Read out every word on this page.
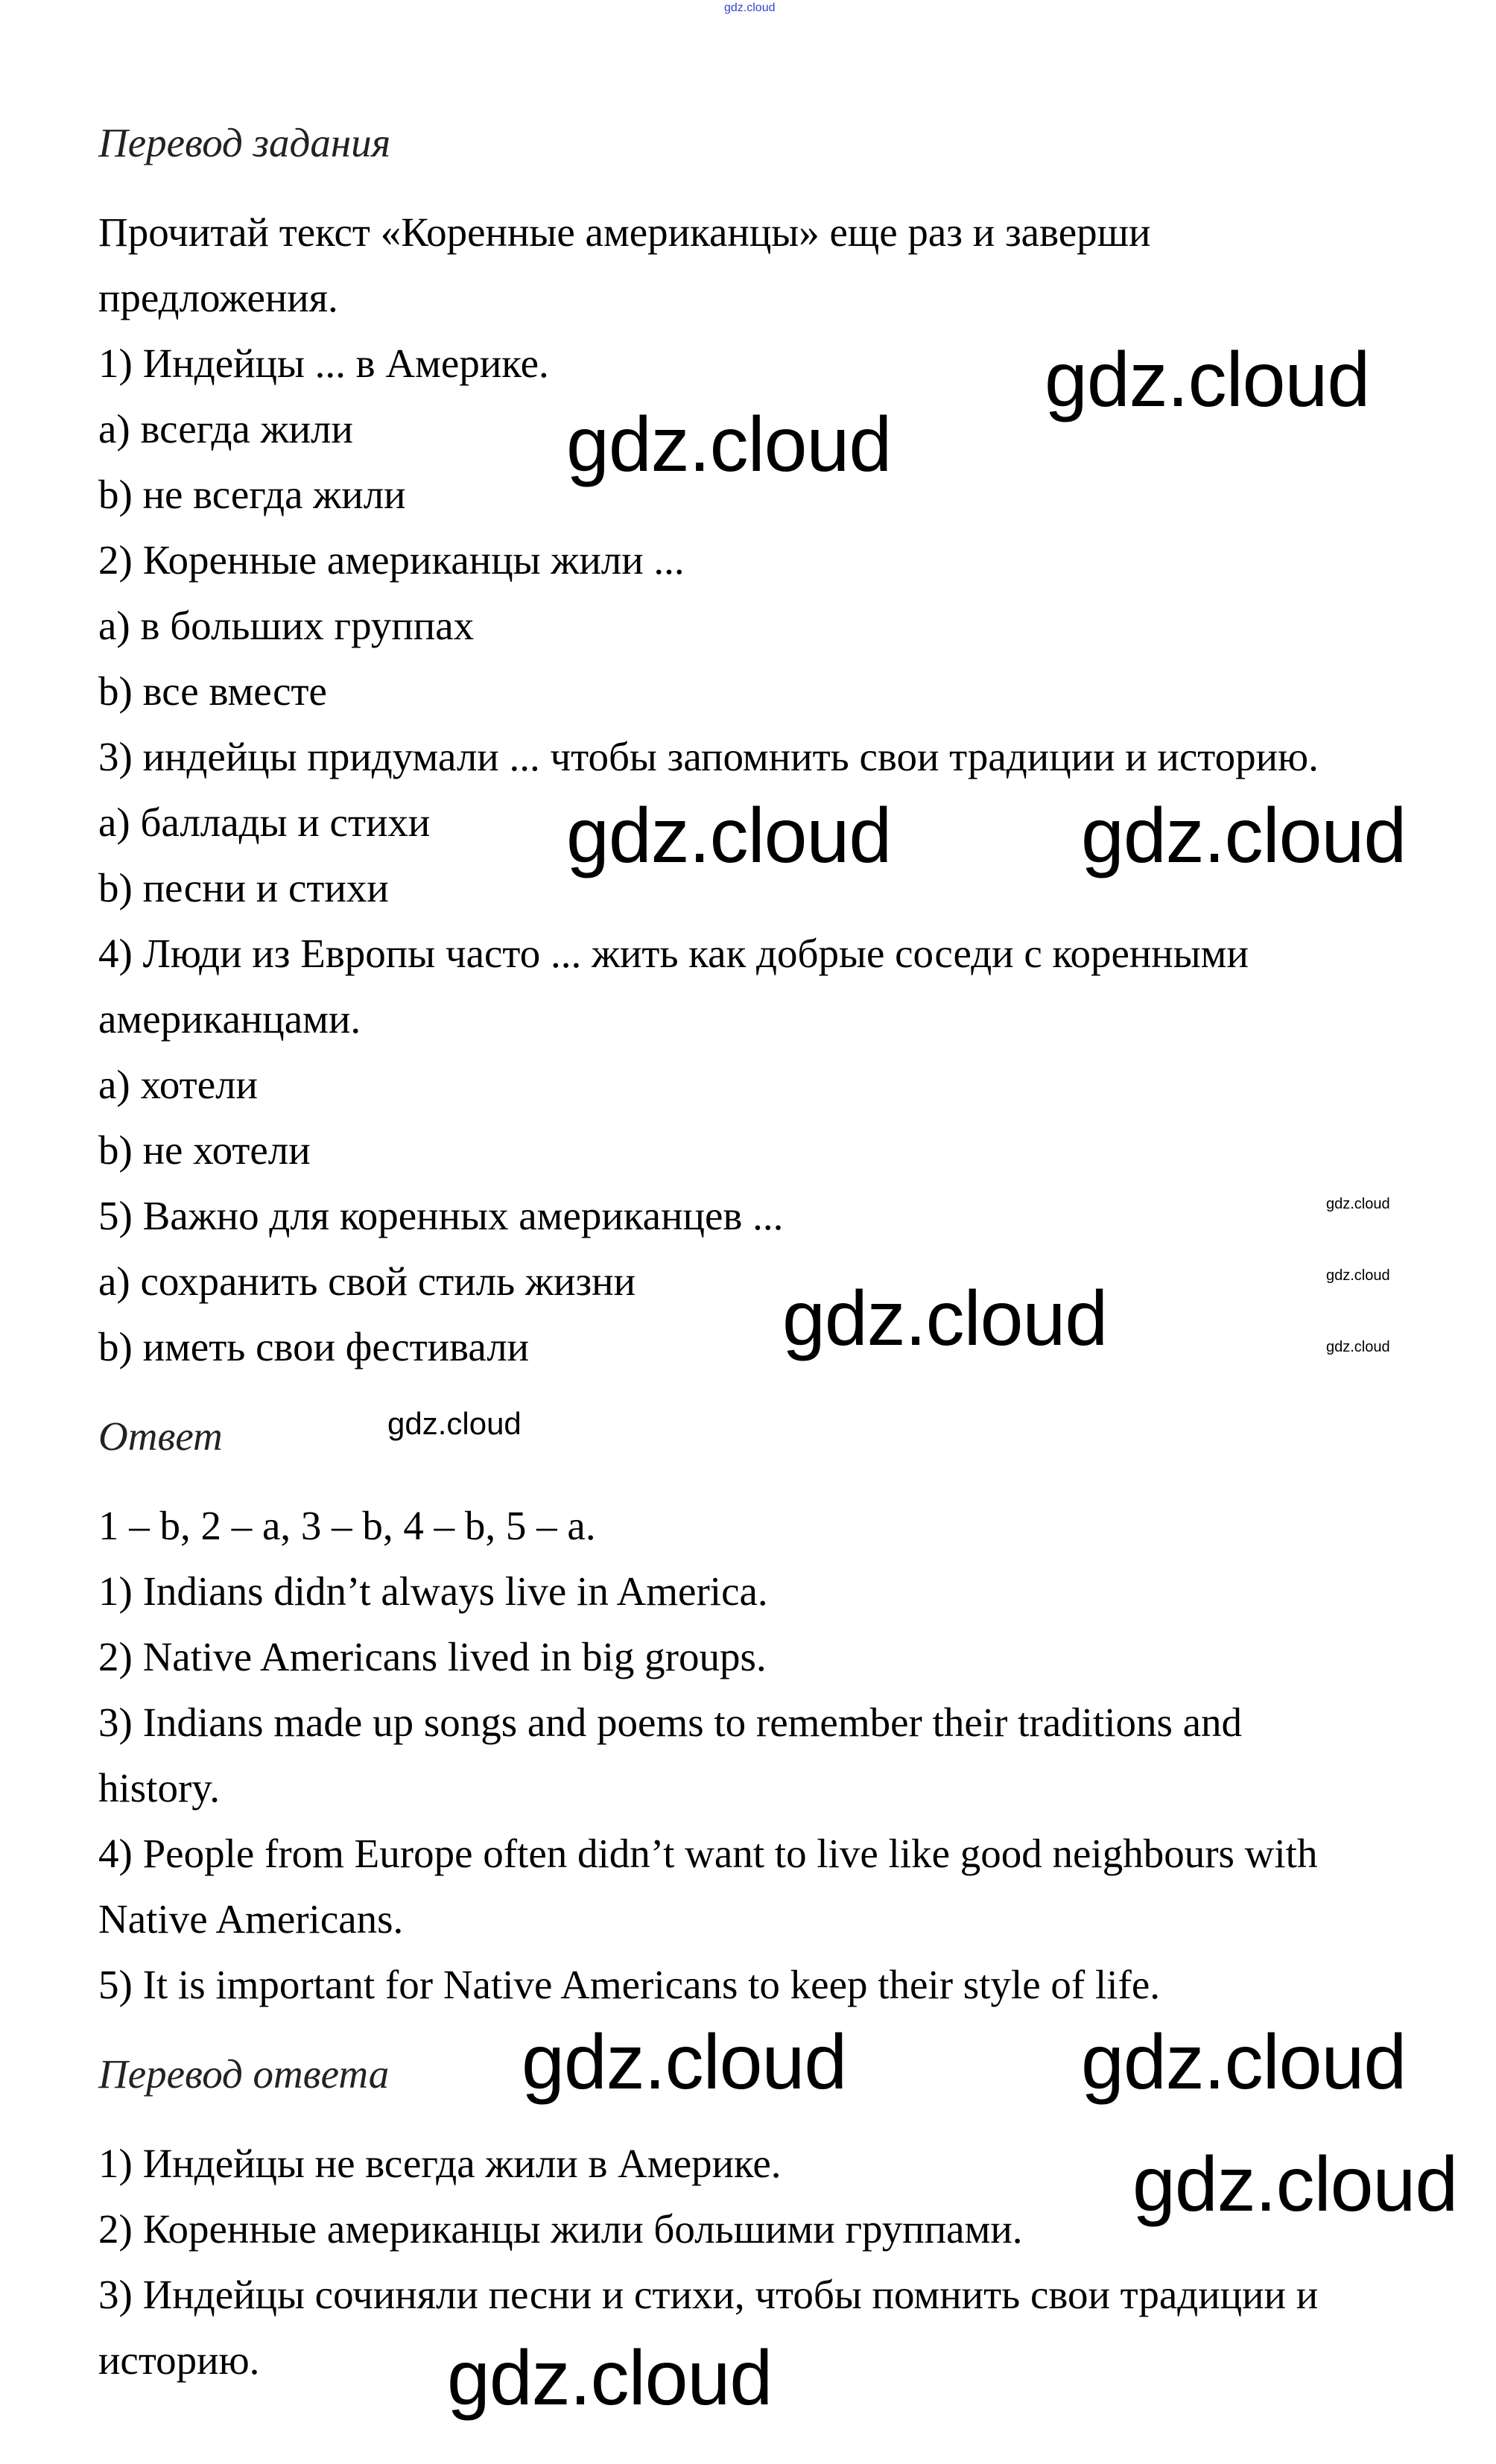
gdz.cloud
Перевод задания
Прочитай текст «Коренные американцы» еще раз и заверши
предложения.
1) Индейцы ... в Америке.
a) всегда жили
b) не всегда жили
2) Коренные американцы жили ...
a) в больших группах
b) все вместе
3) индейцы придумали ... чтобы запомнить свои традиции и историю.
a) баллады и стихи
b) песни и стихи
4) Люди из Европы часто ... жить как добрые соседи с коренными
американцами.
a) хотели
b) не хотели
5) Важно для коренных американцев ...
a) сохранить свой стиль жизни
b) иметь свои фестивали
Ответ
1 – b, 2 – a, 3 – b, 4 – b, 5 – a.
1) Indians didn’t always live in America.
2) Native Americans lived in big groups.
3) Indians made up songs and poems to remember their traditions and
history.
4) People from Europe often didn’t want to live like good neighbours with
Native Americans.
5) It is important for Native Americans to keep their style of life.
Перевод ответа
1) Индейцы не всегда жили в Америке.
2) Коренные американцы жили большими группами.
3) Индейцы сочиняли песни и стихи, чтобы помнить свои традиции и
историю.
gdz.cloud
gdz.cloud
gdz.cloud
gdz.cloud
gdz.cloud
gdz.cloud
gdz.cloud	gdz.cloud
gdz.cloud
gdz.cloud
gdz.cloud
gdz.cloud
gdz.cloud
